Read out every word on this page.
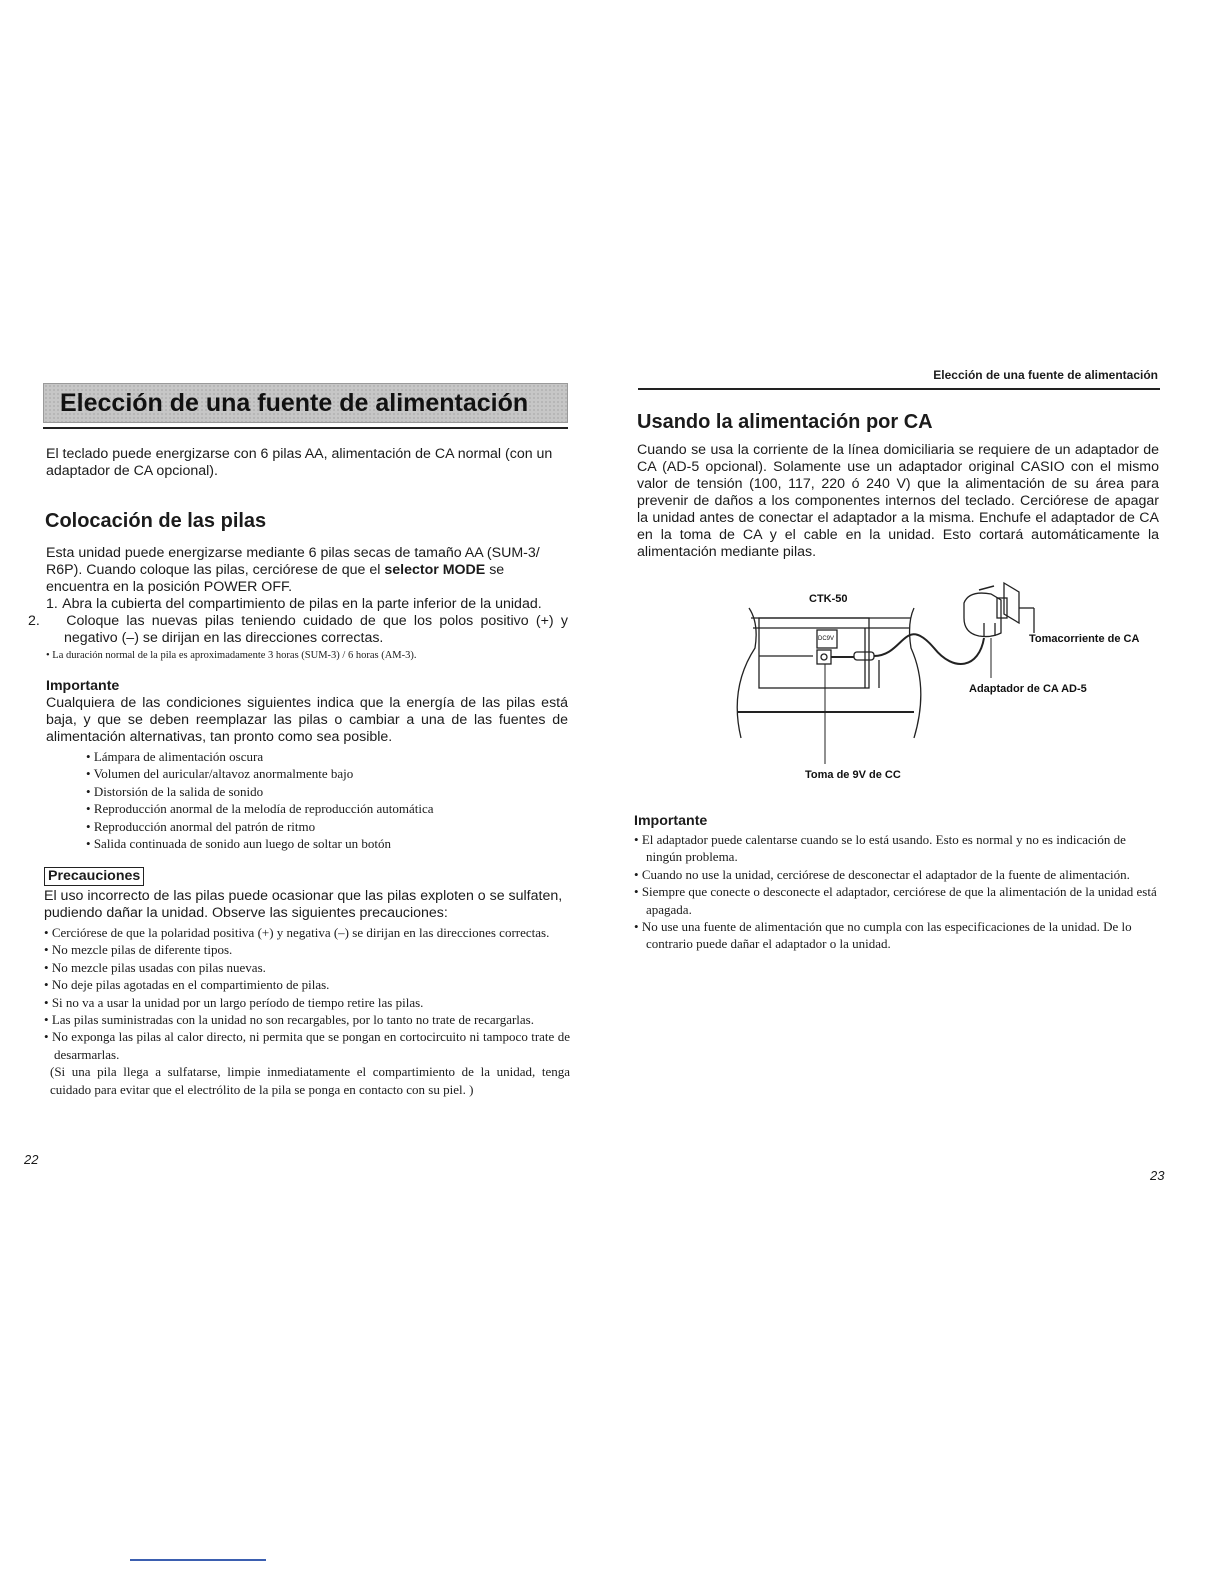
Elección de una fuente de alimentación

El teclado puede energizarse con 6 pilas AA, alimentación de CA normal (con un adaptador de CA opcional).

Colocación de las pilas

Esta unidad puede energizarse mediante 6 pilas secas de tamaño AA (SUM-3/ R6P). Cuando coloque las pilas, cerciórese de que el selector MODE se encuentra en la posición POWER OFF.

1. Abra la cubierta del compartimiento de pilas en la parte inferior de la unidad.
2. Coloque las nuevas pilas teniendo cuidado de que los polos positivo (+) y negativo (–) se dirijan en las direcciones correctas.
• La duración normal de la pila es aproximadamente 3 horas (SUM-3) / 6 horas (AM-3).

Importante

Cualquiera de las condiciones siguientes indica que la energía de las pilas está baja, y que se deben reemplazar las pilas o cambiar a una de las fuentes de alimentación alternativas, tan pronto como sea posible.

• Lámpara de alimentación oscura
• Volumen del auricular/altavoz anormalmente bajo
• Distorsión de la salida de sonido
• Reproducción anormal de la melodía de reproducción automática
• Reproducción anormal del patrón de ritmo
• Salida continuada de sonido aun luego de soltar un botón
Precauciones

El uso incorrecto de las pilas puede ocasionar que las pilas exploten o se sulfaten, pudiendo dañar la unidad. Observe las siguientes precauciones:

• Cerciórese de que la polaridad positiva (+) y negativa (–) se dirijan en las direcciones correctas.
• No mezcle pilas de diferente tipos.
• No mezcle pilas usadas con pilas nuevas.
• No deje pilas agotadas en el compartimiento de pilas.
• Si no va a usar la unidad por un largo período de tiempo retire las pilas.
• Las pilas suministradas con la unidad no son recargables, por lo tanto no trate de recargarlas.
• No exponga las pilas al calor directo, ni permita que se pongan en cortocircuito ni tampoco trate de desarmarlas.

(Si una pila llega a sulfatarse, limpie inmediatamente el compartimiento de la unidad, tenga cuidado para evitar que el electrólito de la pila se ponga en contacto con su piel. )

22

Elección de una fuente de alimentación

Usando la alimentación por CA

Cuando se usa la corriente de la línea domiciliaria se requiere de un adaptador de CA (AD-5 opcional). Solamente use un adaptador original CASIO con el mismo valor de tensión (100, 117, 220 ó 240 V) que la alimentación de su área para prevenir de daños a los componentes internos del teclado. Cerciórese de apagar la unidad antes de conectar el adaptador a la misma. Enchufe el adaptador de CA en la toma de CA y el cable en la unidad. Esto cortará automáticamente la alimentación mediante pilas.

CTK-50
DC9V	Tomacorriente de CA
Adaptador de CA AD-5
Toma de 9V de CC

Importante

• El adaptador puede calentarse cuando se lo está usando. Esto es normal y no es indicación de ningún problema.
• Cuando no use la unidad, cerciórese de desconectar el adaptador de la fuente de alimentación.
• Siempre que conecte o desconecte el adaptador, cerciórese de que la alimentación de la unidad está apagada.
• No use una fuente de alimentación que no cumpla con las especificaciones de la unidad. De lo contrario puede dañar el adaptador o la unidad.
23
